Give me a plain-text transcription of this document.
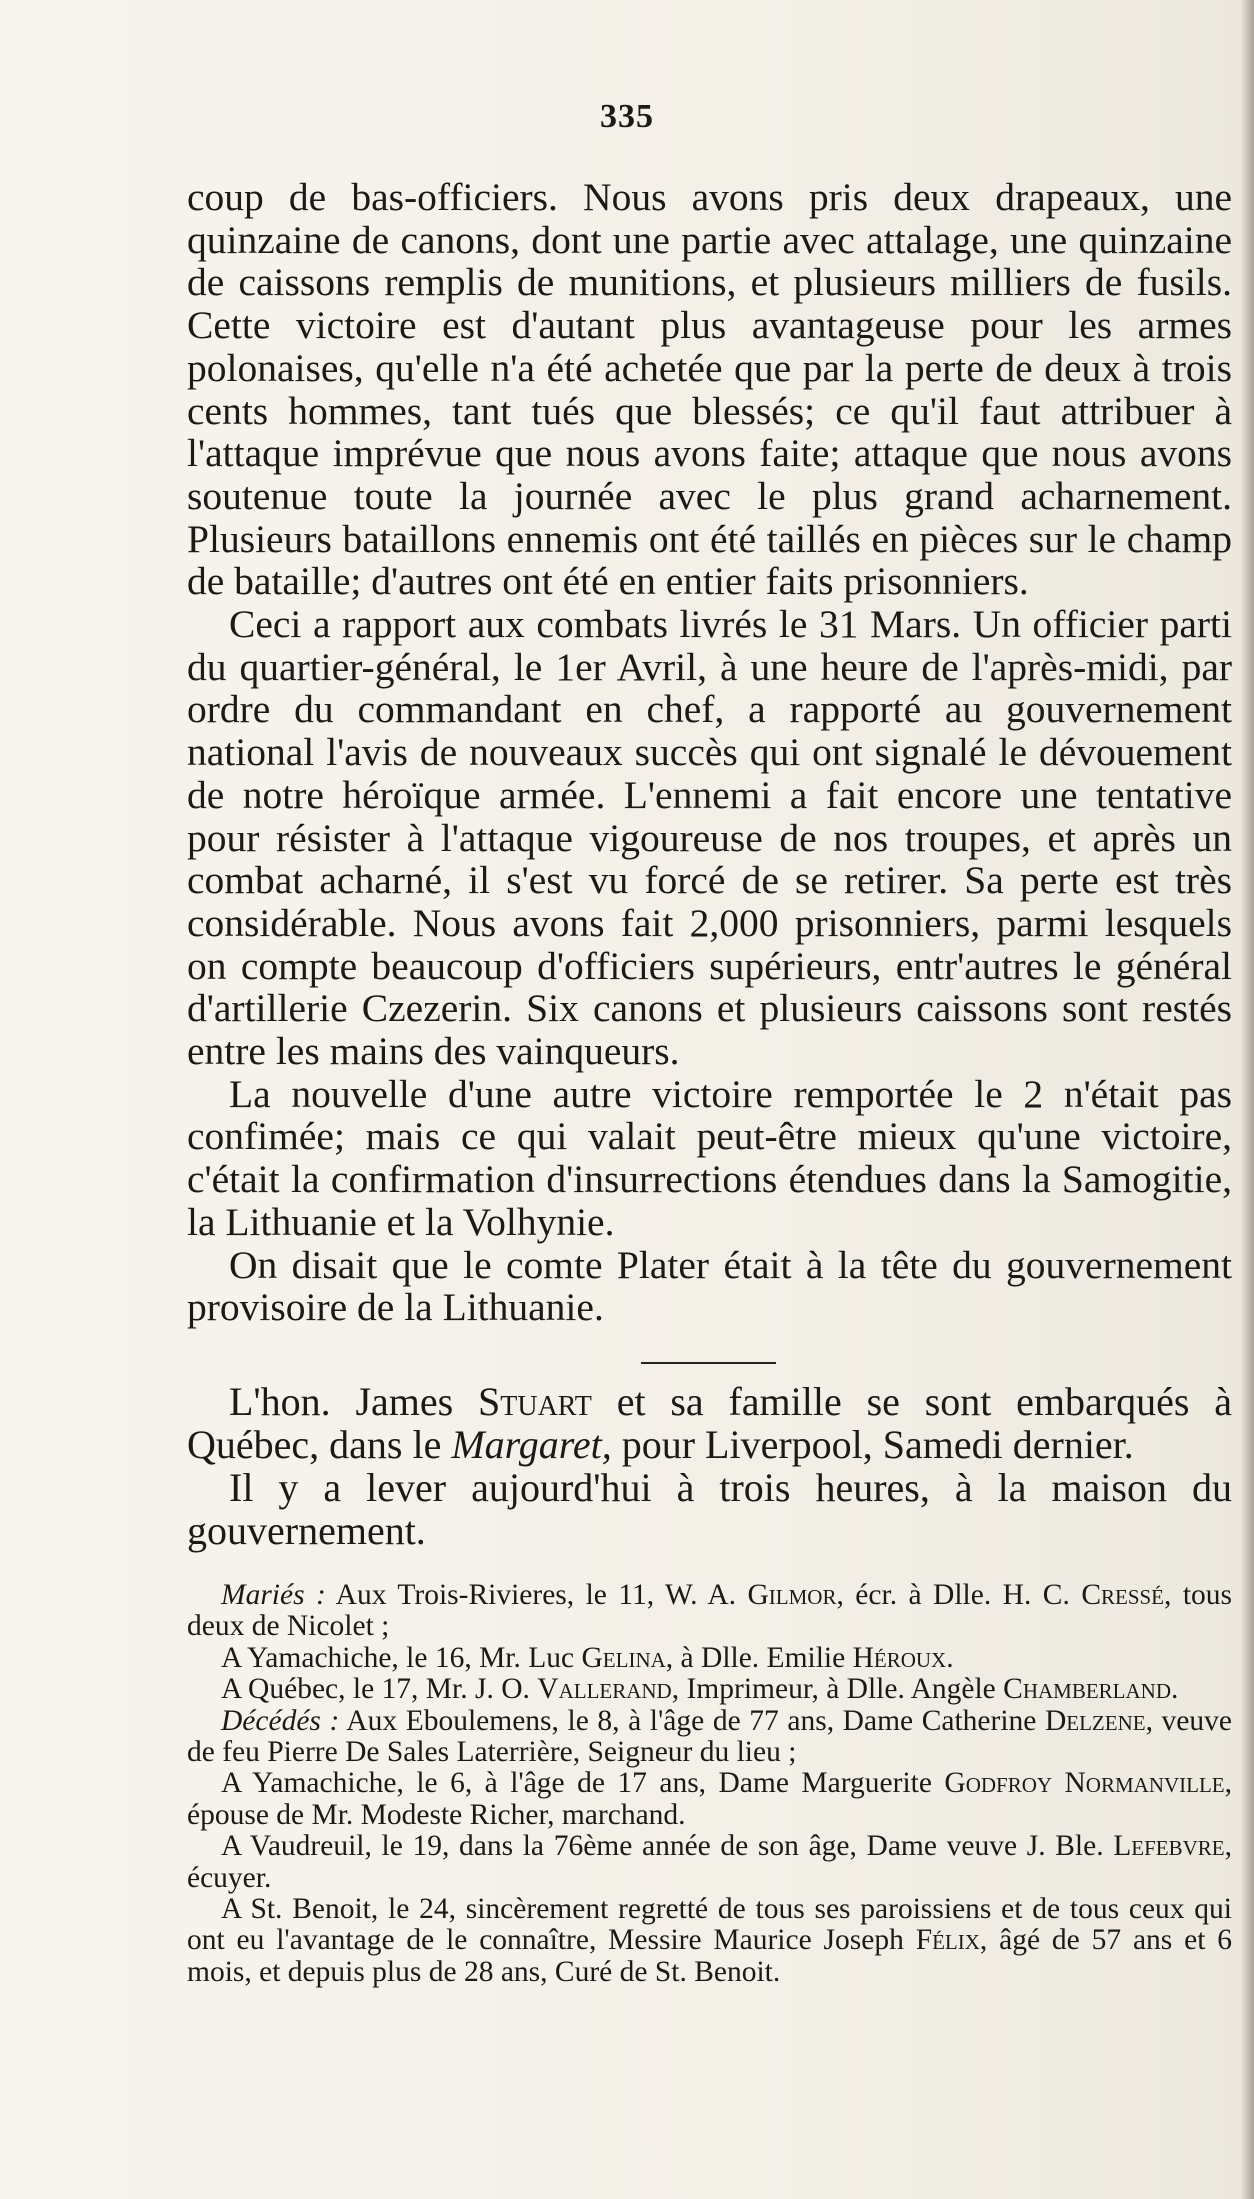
335

coup de bas-officiers. Nous avons pris deux drapeaux, une quinzaine de canons, dont une partie avec attalage, une quinzaine de caissons remplis de munitions, et plusieurs milliers de fusils. Cette victoire est d'autant plus avantageuse pour les armes polonaises, qu'elle n'a été achetée que par la perte de deux à trois cents hommes, tant tués que blessés; ce qu'il faut attribuer à l'attaque imprévue que nous avons faite; attaque que nous avons soutenue toute la journée avec le plus grand acharnement. Plusieurs bataillons ennemis ont été taillés en pièces sur le champ de bataille; d'autres ont été en entier faits prisonniers.

Ceci a rapport aux combats livrés le 31 Mars. Un officier parti du quartier-général, le 1er Avril, à une heure de l'après-midi, par ordre du commandant en chef, a rapporté au gouvernement national l'avis de nouveaux succès qui ont signalé le dévouement de notre héroïque armée. L'ennemi a fait encore une tentative pour résister à l'attaque vigoureuse de nos troupes, et après un combat acharné, il s'est vu forcé de se retirer. Sa perte est très considérable. Nous avons fait 2,000 prisonniers, parmi lesquels on compte beaucoup d'officiers supérieurs, entr'autres le général d'artillerie Czezerin. Six canons et plusieurs caissons sont restés entre les mains des vainqueurs.

La nouvelle d'une autre victoire remportée le 2 n'était pas confimée; mais ce qui valait peut-être mieux qu'une victoire, c'était la confirmation d'insurrections étendues dans la Samogitie, la Lithuanie et la Volhynie.

On disait que le comte Plater était à la tête du gouvernement provisoire de la Lithuanie.

L'hon. James Stuart et sa famille se sont embarqués à Québec, dans le Margaret, pour Liverpool, Samedi dernier.

Il y a lever aujourd'hui à trois heures, à la maison du gouvernement.

Mariés : Aux Trois-Rivieres, le 11, W. A. Gilmor, écr. à Dlle. H. C. Cressé, tous deux de Nicolet ;

A Yamachiche, le 16, Mr. Luc Gelina, à Dlle. Emilie Héroux.

A Québec, le 17, Mr. J. O. Vallerand, Imprimeur, à Dlle. Angèle Chamberland.

Décédés : Aux Eboulemens, le 8, à l'âge de 77 ans, Dame Catherine Delzene, veuve de feu Pierre De Sales Laterrière, Seigneur du lieu ;

A Yamachiche, le 6, à l'âge de 17 ans, Dame Marguerite Godfroy Normanville, épouse de Mr. Modeste Richer, marchand.

A Vaudreuil, le 19, dans la 76ème année de son âge, Dame veuve J. Ble. Lefebvre, écuyer.

A St. Benoit, le 24, sincèrement regretté de tous ses paroissiens et de tous ceux qui ont eu l'avantage de le connaître, Messire Maurice Joseph Félix, âgé de 57 ans et 6 mois, et depuis plus de 28 ans, Curé de St. Benoit.
